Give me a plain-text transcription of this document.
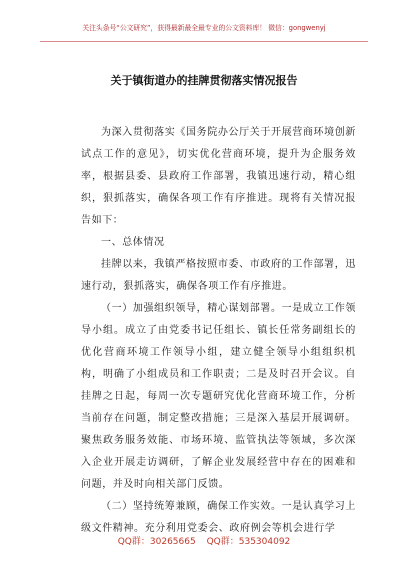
关注头条号“公文研究”，获得最新最全最专业的公文资料库！ 微信：gongwenyj
关于镇街道办的挂牌贯彻落实情况报告

为深入贯彻落实《国务院办公厅关于开展营商环境创新试点工作的意见》，切实优化营商环境，提升为企服务效率，根据县委、县政府工作部署，我镇迅速行动，精心组织，狠抓落实，确保各项工作有序推进。现将有关情况报告如下：

一、总体情况

挂牌以来，我镇严格按照市委、市政府的工作部署，迅速行动，狠抓落实，确保各项工作有序推进。

（一）加强组织领导，精心谋划部署。一是成立工作领导小组。成立了由党委书记任组长、镇长任常务副组长的优化营商环境工作领导小组，建立健全领导小组组织机构，明确了小组成员和工作职责；二是及时召开会议。自挂牌之日起，每周一次专题研究优化营商环境工作，分析当前存在问题，制定整改措施；三是深入基层开展调研。聚焦政务服务效能、市场环境、监管执法等领域，多次深入企业开展走访调研，了解企业发展经营中存在的困难和问题，并及时向相关部门反馈。

（二）坚持统筹兼顾，确保工作实效。一是认真学习上级文件精神。充分利用党委会、政府例会等机会进行学

QQ群：30265665 QQ群：535304092
